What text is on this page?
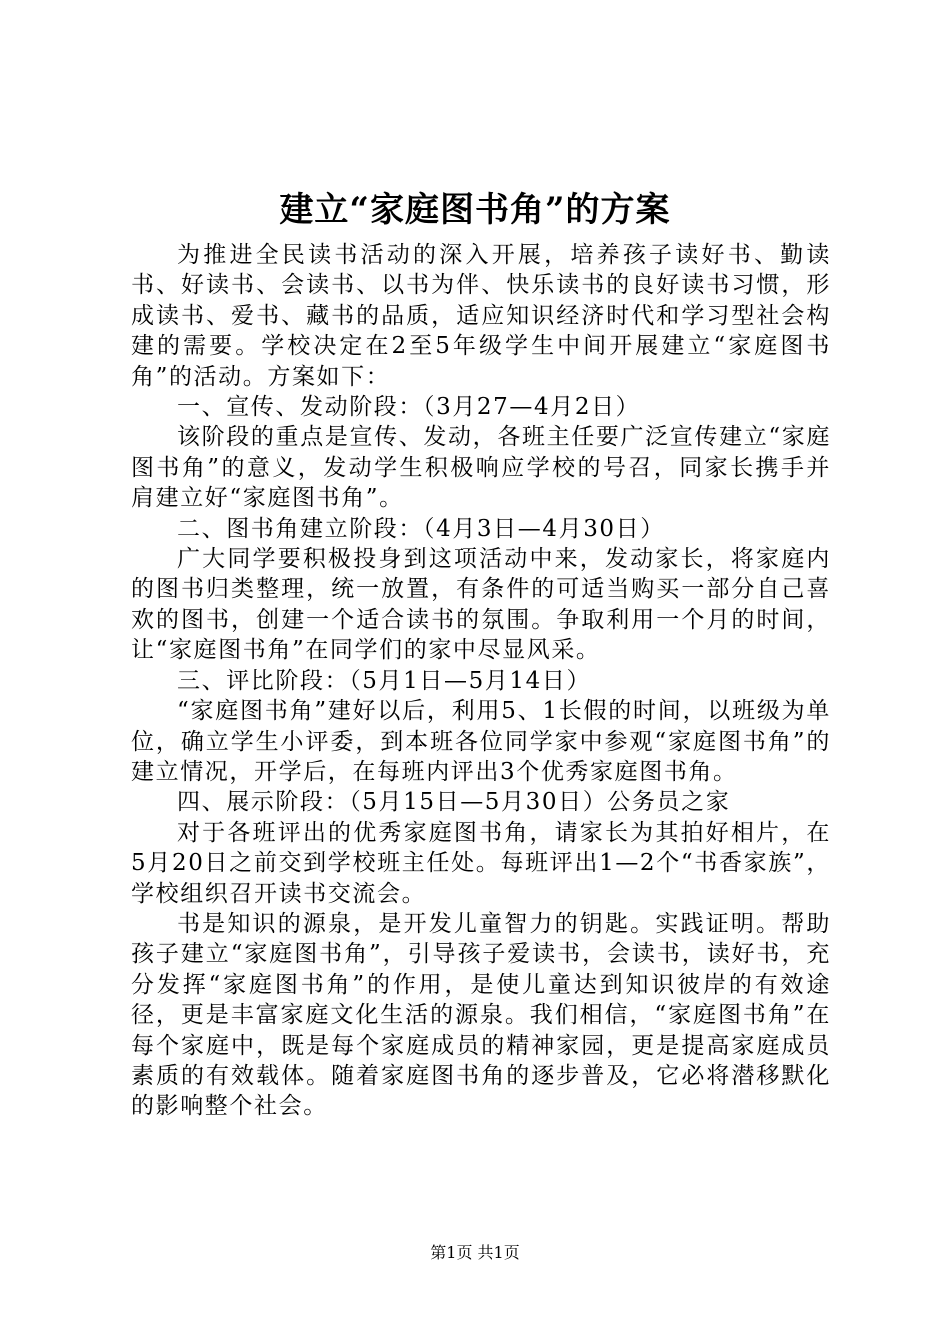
建立“家庭图书角”的方案

为推进全民读书活动的深入开展，培养孩子读好书、勤读书、好读书、会读书、以书为伴、快乐读书的良好读书习惯，形成读书、爱书、藏书的品质，适应知识经济时代和学习型社会构建的需要。学校决定在2至5年级学生中间开展建立“家庭图书角”的活动。方案如下：

一、宣传、发动阶段：（3月27—4月2日）

该阶段的重点是宣传、发动，各班主任要广泛宣传建立“家庭图书角”的意义，发动学生积极响应学校的号召，同家长携手并肩建立好“家庭图书角”。

二、图书角建立阶段：（4月3日—4月30日）

广大同学要积极投身到这项活动中来，发动家长，将家庭内的图书归类整理，统一放置，有条件的可适当购买一部分自己喜欢的图书，创建一个适合读书的氛围。争取利用一个月的时间，让“家庭图书角”在同学们的家中尽显风采。

三、评比阶段：（5月1日—5月14日）

“家庭图书角”建好以后，利用5、1长假的时间，以班级为单位，确立学生小评委，到本班各位同学家中参观“家庭图书角”的建立情况，开学后，在每班内评出3个优秀家庭图书角。

四、展示阶段：（5月15日—5月30日）公务员之家

对于各班评出的优秀家庭图书角，请家长为其拍好相片，在5月20日之前交到学校班主任处。每班评出1—2个“书香家族”，学校组织召开读书交流会。

书是知识的源泉，是开发儿童智力的钥匙。实践证明。帮助孩子建立“家庭图书角”，引导孩子爱读书，会读书，读好书，充分发挥“家庭图书角”的作用，是使儿童达到知识彼岸的有效途径，更是丰富家庭文化生活的源泉。我们相信，“家庭图书角”在每个家庭中，既是每个家庭成员的精神家园，更是提高家庭成员素质的有效载体。随着家庭图书角的逐步普及，它必将潜移默化的影响整个社会。

第1页 共1页
